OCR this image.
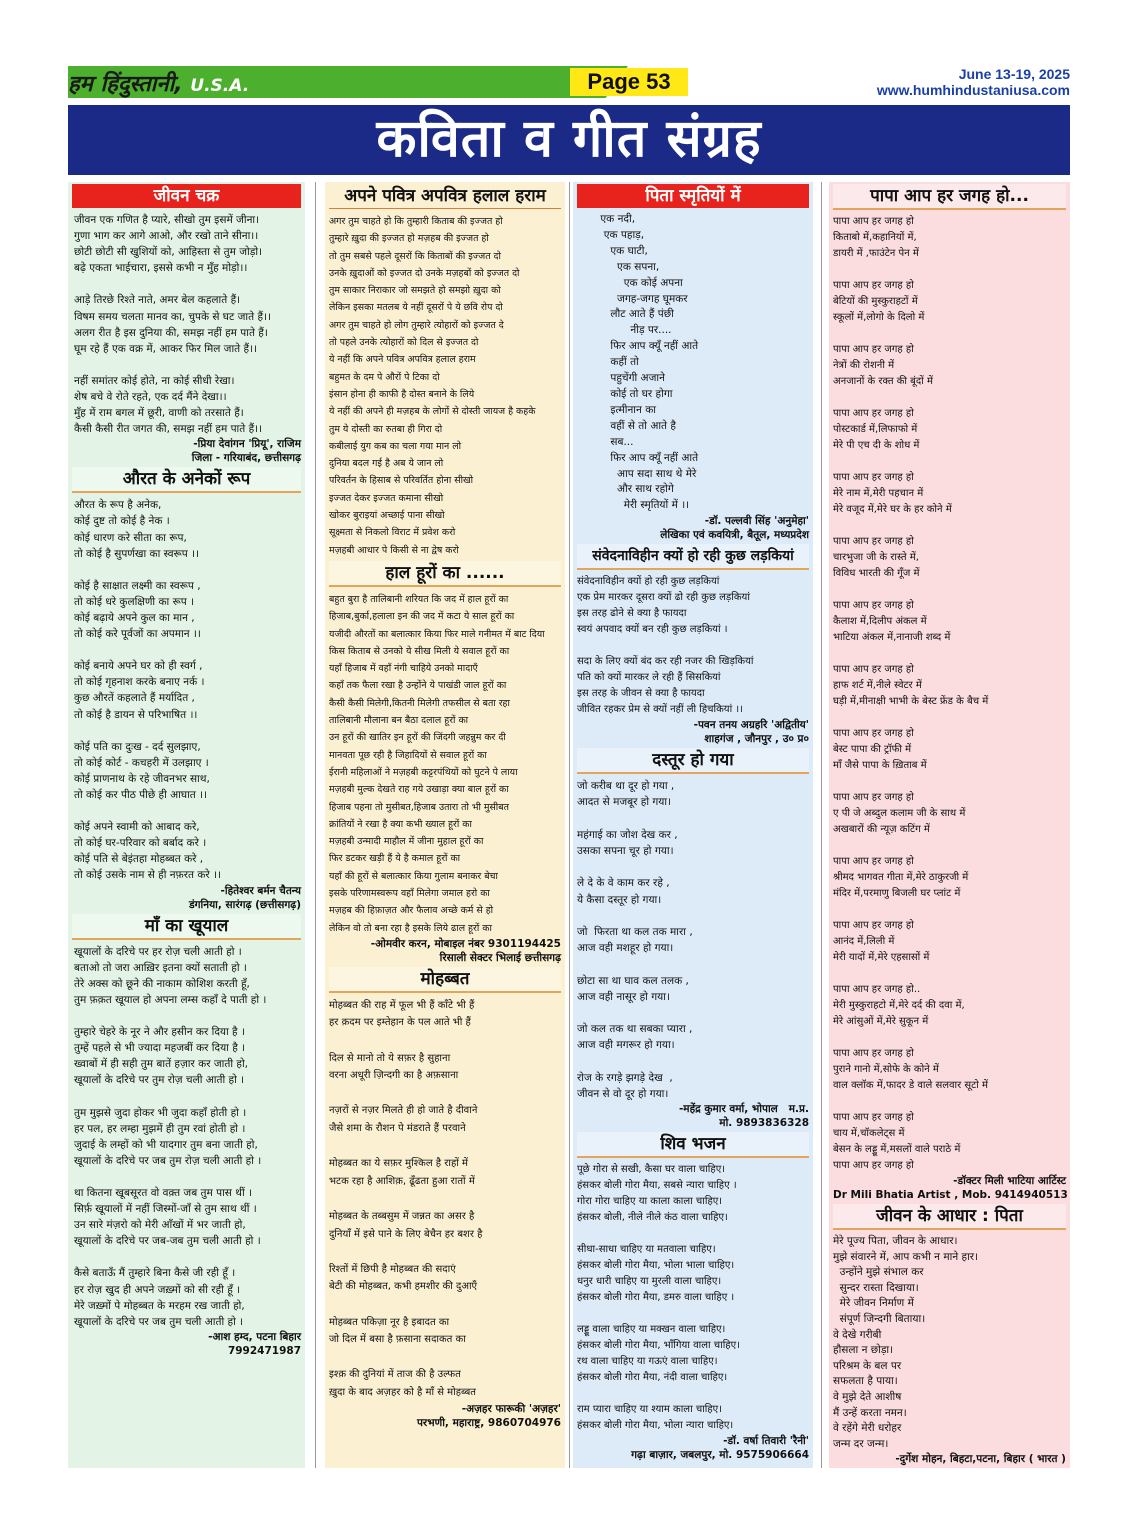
हम हिंदुस्तानी, U.S.A.	Page 53	June 13-19, 2025
www.humhindustaniusa.com
कविता व गीत संग्रह
जीवन चक्र
जीवन एक गणित है प्यारे, सीखो तुम इसमें जीना।
गुणा भाग कर आगे आओ, और रखो ताने सीना।।
छोटी छोटी सी खुशियों को, आहिस्ता से तुम जोड़ो।
बढ़े एकता भाईचारा, इससे कभी न मुँह मोड़ो।।

आड़े तिरछे रिश्ते नाते, अमर बेल कहलाते हैं।
विषम समय चलता मानव का, चुपके से घट जाते हैं।।
अलग रीत है इस दुनिया की, समझ नहीं हम पाते हैं।
घूम रहे हैं एक वक्र में, आकर फिर मिल जाते हैं।।

नहीं समांतर कोई होते, ना कोई सीधी रेखा।
शेष बचे वे रोते रहते, एक दर्द मैंने देखा।।
मुँह में राम बगल में छूरी, वाणी को तरसाते हैं।
कैसी कैसी रीत जगत की, समझ नहीं हम पाते हैं।।
-प्रिया देवांगन 'प्रियू', राजिम
जिला - गरियाबंद, छत्तीसगढ़
औरत के अनेकों रूप
औरत के रूप है अनेक,
कोई दुष्ट तो कोई है नेक ।
कोई धारण करे सीता का रूप,
तो कोई है सुपर्णखा का स्वरूप ।।

कोई है साक्षात लक्ष्मी का स्वरूप ,
तो कोई धरे कुलक्षिणी का रूप ।
कोई बढ़ाये अपने कुल का मान ,
तो कोई करे पूर्वजों का अपमान ।।

कोई बनाये अपने घर को ही स्वर्ग ,
तो कोई गृहनाश करके बनाए नर्क ।
कुछ औरतें कहलाते हैं मर्यादित ,
तो कोई है डायन से परिभाषित ।।

कोई पति का दुःख - दर्द सुलझाए,
तो कोई कोर्ट - कचहरी में उलझाए ।
कोई प्राणनाथ के रहे जीवनभर साथ,
तो कोई कर पीठ पीछे ही आघात ।।

कोई अपने स्वामी को आबाद करे,
तो कोई घर-परिवार को बर्बाद करे ।
कोई पति से बेइंतहा मोहब्बत करे ,
तो कोई उसके नाम से ही नफ़रत करे ।।
-हितेश्वर बर्मन चैतन्य
डंगनिया, सारंगढ़ (छत्तीसगढ़)
माँ का खूयाल
खूयालों के दरिचे पर हर रोज़ चली आती हो ।
बताओ तो जरा आख़िर इतना क्यों सताती हो ।
तेरे अक्स को छूने की नाकाम कोशिश करती हूँ,
तुम फ़क़त खूयाल हो अपना लम्स कहाँ दे पाती हो ।

तुम्हारे चेहरे के नूर ने और हसीन कर दिया है ।
तुम्हें पहले से भी ज्यादा महजबीं कर दिया है ।
ख्वाबों में ही सही तुम बातें हज़ार कर जाती हो,
खूयालों के दरिचे पर तुम रोज़ चली आती हो ।

तुम मुझसे जुदा होकर भी जुदा कहाँ होती हो ।
हर पल, हर लम्हा मुझमें ही तुम रवां होती हो ।
जुदाई के लम्हों को भी यादगार तुम बना जाती हो,
खूयालों के दरिचे पर जब तुम रोज़ चली आती हो ।

था कितना खूबसूरत वो वक़्त जब तुम पास थीं ।
सिर्फ़ खूयालों में नहीं जिस्मों-जाँ से तुम साथ थीं ।
उन सारे मंज़रो को मेरी आँखों में भर जाती हो,
खूयालों के दरिचे पर जब-जब तुम चली आती हो ।

कैसे बताऊँ मैं तुम्हारे बिना कैसे जी रही हूँ ।
हर रोज़ खुद ही अपने जख़्मों को सी रही हूँ ।
मेरे जख़्मों पे मोहब्बत के मरहम रख जाती हो,
खूयालों के दरिचे पर जब तुम चली आती हो ।
-आश हम्द, पटना बिहार
7992471987
अपने पवित्र अपवित्र हलाल हराम
अगर तुम चाहते हो कि तुम्हारी किताब की इज्जत हो
तुम्हारे ख़ुदा की इज्जत हो मज़हब की इज्जत हो
तो तुम सबसे पहले दूसरों कि किताबों की इज्जत दो
उनके ख़ुदाओं को इज्जत दो उनके मज़हबों को इज्जत दो
तुम साकार निराकार जो समझते हो समझो ख़ुदा को
लेकिन इसका मतलब ये नहीं दूसरों पे ये छवि रोप दो
अगर तुम चाहते हो लोग तुम्हारे त्योहारों को इज्जत दे
तो पहले उनके त्योहारों को दिल से इज्जत दो
ये नहीं कि अपने पवित्र अपवित्र हलाल हराम
बहुमत के दम पे औरों पे टिका दो
इंसान होना ही काफी है दोस्त बनाने के लिये
ये नहीं की अपने ही मज़हब के लोगों से दोस्ती जायज है कहके
तुम ये दोस्ती का रुतबा ही गिरा दो
कबीलाई युग कब का चला गया मान लो
दुनिया बदल गई है अब ये जान लो
परिवर्तन के हिसाब से परिवर्तित होना सीखो
इज्जत देकर इज्जत कमाना सीखो
खोकर बुराइयां अच्छाई पाना सीखो
सूक्ष्मता से निकलो विराट में प्रवेश करो
मज़हबी आधार पे किसी से ना द्वेष करो
हाल हूरों का ......
बहुत बुरा है तालिबानी शरियत कि जद में हाल हूरों का
हिजाब,बुर्का,हलाला इन की जद में कटा ये साल हूरों का
यजीदी औरतों का बलात्कार किया फिर माले गनीमत में बाट दिया
किस किताब से उनको ये सीख मिली ये सवाल हूरों का
यहाँ हिजाब में वहाँ नंगी चाहिये उनको मादाएँ
कहाँ तक फैला रखा है उन्होंने ये पाखंडी जाल हूरों का
कैसी कैसी मिलेगी,कितनी मिलेगी तफसील से बता रहा
तालिबानी मौलाना बन बैठा दलाल हूरों का
उन हूरों की खातिर इन हूरों की जिंदगी जहन्नुम कर दी
मानवता पूछ रही है जिहादियों से सवाल हूरों का
ईरानी महिलाओं ने मज़हबी कट्टरपंथियों को घुटने पे लाया
मज़हबी मुल्क देखते राह गये उखाड़ा क्या बाल हूरों का
हिजाब पहना तो मुसीबत,हिजाब उतारा तो भी मुसीबत
क्रांतियों ने रखा है क्या कभी ख्याल हूरों का
मज़हबी उन्मादी माहौल में जीना मुहाल हूरों का
फिर डटकर खड़ी हैं ये है कमाल हूरों का
यहाँ की हूरों से बलात्कार किया गुलाम बनाकर बेचा
इसके परिणामस्वरूप वहाँ मिलेगा जमाल हरो का
मज़हब की हिफ़ाज़त और फैलाव अच्छे कर्म से हो
लेकिन वो तो बना रहा है इसके लिये ढाल हूरों का
-ओमवीर करन, मोबाइल नंबर 9301194425
रिसाली सेक्टर भिलाई छत्तीसगढ़
मोहब्बत
मोहब्बत की राह में फूल भी हैं काँटे भी हैं
हर क़दम पर इम्तेहान के पल आते भी हैं

दिल से मानो तो ये सफ़र है सुहाना
वरना अधूरी ज़िन्दगी का है अफ़साना

नज़रों से नज़र मिलते ही हो जाते है दीवाने
जैसे शमा के रौशन पे मंडराते हैं परवाने

मोहब्बत का ये सफ़र मुश्किल है राहों में
भटक रहा है आशिक़, ढूँढता हुआ रातों में

मोहब्बत के तब्बसुम में जन्नत का असर है
दुनियाँ में इसे पाने के लिए बेचैन हर बशर है

रिश्तों में छिपी है मोहब्बत की सदाएं
बेटी की मोहब्बत, कभी हमशीर की दुआएँ

मोहब्बत पकिज़ा नूर है इबादत का
जो दिल में बसा है फ़साना सदाकत का

इश्क़ की दुनियां में ताज की है उल्फत
ख़ुदा के बाद अज़हर को है माँ से मोहब्बत
-अज़हर फारूकी 'अज़हर'
परभणी, महाराष्ट्र, 9860704976
पिता स्मृतियों में
एक नदी,
एक पहाड़,
एक घाटी,
एक सपना,
एक कोई अपना
जगह-जगह घूमकर
लौट आते हैं पंछी
नीड़ पर....
फिर आप क्यूँ नहीं आते
कहीं तो
पहुचेंगी अजाने
कोई तो घर होगा
इत्मीनान का
वहीं से तो आते है
सब...
फिर आप क्यूँ नहीं आते
आप सदा साथ थे मेरे
और साथ रहोगे
मेरी स्मृतियों में ।।
-डॉ. पल्लवी सिंह 'अनुमेहा'
लेखिका एवं कवयित्री, बैतूल, मध्यप्रदेश
संवेदनाविहीन क्यों हो रही कुछ लड़कियां
संवेदनाविहीन क्यों हो रही कुछ लड़कियां
एक प्रेम मारकर दूसरा क्यों ढो रही कुछ लड़कियां
इस तरह ढोने से क्या है फायदा
स्वयं अपवाद क्यों बन रही कुछ लड़कियां ।

सदा के लिए क्यों बंद कर रही नजर की खिड़कियां
पति को क्यों मारकर ले रही हैं सिसकियां
इस तरह के जीवन से क्या है फायदा
जीवित रहकर प्रेम से क्यों नहीं ली हिचकियां ।।
-पवन तनय अग्रहरि 'अद्वितीय'
शाहगंज , जौनपुर , उ० प्र०
दस्तूर हो गया
जो करीब था दूर हो गया ,
आदत से मजबूर हो गया।

महंगाई का जोश देख कर ,
उसका सपना चूर हो गया।

ले दे के वे काम कर रहे ,
ये कैसा दस्तूर हो गया।

जो  फिरता था कल तक मारा ,
आज वही मशहूर हो गया।

छोटा सा था घाव कल तलक ,
आज वही नासूर हो गया।

जो कल तक था सबका प्यारा ,
आज वही मगरूर हो गया।

रोज के रगड़े झगड़े देख  ,
जीवन से वो दूर हो गया।
-महेंद्र कुमार वर्मा, भोपाल   म.प्र.
मो. 9893836328
शिव भजन
पूछे गोरा से सखी, कैसा घर वाला चाहिए।
हंसकर बोली गोरा मैया, सबसे न्यारा चाहिए ।
गोरा गोरा चाहिए या काला काला चाहिए।
हंसकर बोली, नीले नीले कंठ वाला चाहिए।

सीधा-साधा चाहिए या मतवाला चाहिए।
हंसकर बोली गोरा मैया, भोला भाला चाहिए।
धनुर धारी चाहिए या मुरली वाला चाहिए।
हंसकर बोली गोरा मैया, डमरु वाला चाहिए ।

लड्डू वाला चाहिए या मक्खन वाला चाहिए।
हंसकर बोली गोरा मैया, भाँगिया वाला चाहिए।
रथ वाला चाहिए या गऊएं वाला चाहिए।
हंसकर बोली गोरा मैया, नंदी वाला चाहिए।

राम प्यारा चाहिए या श्याम काला चाहिए।
हंसकर बोली गोरा मैया, भोला न्यारा चाहिए।
-डॉ. वर्षा तिवारी 'रैनी'
गढ़ा बाज़ार, जबलपुर, मो. 9575906664
पापा आप हर जगह हो...
पापा आप हर जगह हो
किताबो में,कहानियों में,
डायरी में ,फाउंटेन पेन में

पापा आप हर जगह हो
बेटियों की मुस्कुराहटों में
स्कूलों में,लोगो के दिलो में

पापा आप हर जगह हो
नेत्रों की रोशनी में
अनजानों के रक्त की बूंदों में

पापा आप हर जगह हो
पोस्टकार्ड में,लिफाफो में
मेरे पी एच दी के शोध में

पापा आप हर जगह हो
मेरे नाम में,मेरी पहचान में
मेरे वजूद में,मेरे घर के हर कोने में

पापा आप हर जगह हो
चारभुजा जी के रास्ते में,
विविध भारती की गूँज में

पापा आप हर जगह हो
कैलाश में,दिलीप अंकल में
भाटिया अंकल में,नानाजी शब्द में

पापा आप हर जगह हो
हाफ शर्ट में,नीले स्वेटर में
घड़ी में,मीनाक्षी भाभी के बेस्ट फ्रेंड के बैच में

पापा आप हर जगह हो
बेस्ट पापा की ट्रॉफी में
माँ जैसे पापा के ख़िताब में

पापा आप हर जगह हो
ए पी जे अब्दुल कलाम जी के साथ में
अखबारों की न्यूज़ कटिंग में

पापा आप हर जगह हो
श्रीमद भागवत गीता में,मेरे ठाकुरजी में
मंदिर में,परमाणु बिजली घर प्लांट में

पापा आप हर जगह हो
आनंद में,लिली में
मेरी यादों में,मेरे एहसासों में

पापा आप हर जगह हो..
मेरी मुस्कुराहटो में,मेरे दर्द की दवा में,
मेरे आंसुओं में,मेरे सुकून में

पापा आप हर जगह हो
पुराने गानो में,सोफे के कोने में
वाल क्लॉक में,फादर डे वाले सलवार सूटो में

पापा आप हर जगह हो
चाय में,चॉकलेट्स में
बेसन के लड्डू में,मसलों वाले पराठे में
पापा आप हर जगह हो
-डॉक्टर मिली भाटिया आर्टिस्ट
Dr Mili Bhatia Artist , Mob. 9414940513
जीवन के आधार : पिता
मेरे पूज्य पिता, जीवन के आधार।
मुझे संवारने में, आप कभी न माने हार।
उन्होंने मुझे संभाल कर
सुन्दर रास्ता दिखाया।
मेरे जीवन निर्माण में
संपूर्ण जिन्दगी बिताया।
वे देखे गरीबी
हौसला न छोड़ा।
परिश्रम के बल पर
सफलता है पाया।
वे मुझे देते आशीष
मैं उन्हें करता नमन।
वे रहेंगे मेरी धरोहर
जन्म दर जन्म।
-दुर्गेश मोहन, बिहटा,पटना, बिहार ( भारत )
